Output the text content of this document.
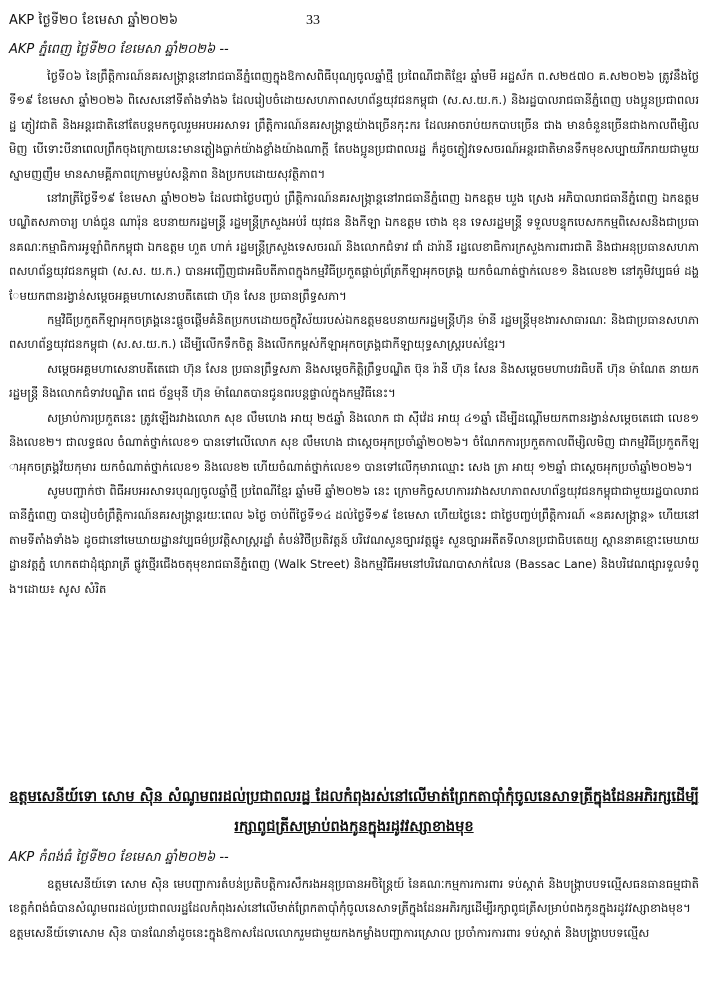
AKP ថ្ងៃទី២០ ខែមេសា ឆ្នាំ២០២៦	33
AKP ភ្នំពេញ ថ្ងៃទី២០ ខែមេសា ឆ្នាំ២០២៦ --

ថ្ងៃទី០៦ នៃព្រឹត្តិការណ៍នគរសង្ក្រាន្តនៅរាជធានីភ្នំពេញក្នុងឱកាសពិធីបុណ្យចូលឆ្នាំថ្មី ប្រពៃណីជាតិខ្មែរ ឆ្នាំមមី អដ្ឋស័ក ព.ស២៥៧០ គ.ស២០២៦ ត្រូវនឹងថ្ងៃទី១៩ ខែមេសា ឆ្នាំ២០២៦ ពិសេសនៅទីតាំងទាំង៦ ដែលរៀបចំដោយសហភាពសហព័ន្ធយុវជនកម្ពុជា (ស.ស.យ.ក.) និងរដ្ឋបាលរាជធានីភ្នំពេញ បងប្អូនប្រជាពលរដ្ឋ ភ្ញៀវជាតិ និងអន្តរជាតិនៅតែបន្តមកចូលរួមអបអរសាទរ ព្រឹត្តិការណ៍នគរសង្ក្រាន្តយ៉ាងច្រើនកុះករ ដែលអាចរាប់យកបាបច្រើន ជាង មានចំនួនច្រើនជាងកាលពីម្សិលមិញ បើទោះបីនាពេលព្រឹកចុងក្រោយនេះមានភ្លៀងធ្លាក់យ៉ាងខ្លាំងយ៉ាងណាក្តី តែបងប្អូនប្រជាពលរដ្ឋ ក៏ដូចភ្ញៀវទេសចរណ៍អន្តរជាតិមានទឹកមុខសប្បាយរីករាយជាមួយស្នាមញញឹម មានសាមគ្គីភាពក្រោមម្លប់សន្តិភាព និងប្រកបដោយសុវត្ថិភាព។

នៅរាត្រីថ្ងៃទី១៩ ខែមេសា ឆ្នាំ២០២៦ ដែលជាថ្ងៃបញ្ចប់ ព្រឹត្តិការណ៍នគរសង្ក្រាន្តនៅរាជធានីភ្នំពេញ ឯកឧត្តម ឃួង ស្រេង អភិបាលរាជធានីភ្នំពេញ ឯកឧត្តមបណ្ឌិតសភាចារ្យ ហង់ជួន ណារ៉ុន ឧបនាយករដ្ឋមន្ត្រី រដ្ឋមន្ត្រីក្រសួងអប់រំ យុវជន និងកីឡា ឯកឧត្តម ថោង ខុន ទេសរដ្ឋមន្ត្រី ទទួលបន្ទុកបេសកកម្មពិសេសនិងជាប្រធានគណៈកម្មាធិការអូឡាំពិកកម្ពុជា ឯកឧត្តម ហួត ហាក់ រដ្ឋមន្ត្រីក្រសួងទេសចរណ៍ និងលោកជំទាវ ជាំ ដារ៉ានី រដ្ឋលេខាធិការក្រសួងការពារជាតិ និងជាអនុប្រធានសហភាពសហព័ន្ធយុវជនកម្ពុជា (ស.ស. យ.ក.) បានអញ្ជើញជាអធិបតីភាពក្នុងកម្មវិធីប្រកួតផ្តាច់ព្រ័ត្រកីឡាអុកចត្រង្គ យកចំណាត់ថ្នាក់លេខ១ និងលេខ២ នៅភូមិវប្បធម៌ ដង្ហែមយកពានរង្វាន់សម្តេចអគ្គមហាសេនាបតីតេជោ ហ៊ុន សែន ប្រធានព្រឹទ្ធសភា។

កម្មវិធីប្រកួតកីឡាអុកចត្រង្គនេះផ្តួចផ្តើមគំនិតប្រកបដោយចក្ខុវិស័យរបស់ឯកឧត្តមឧបនាយករដ្ឋមន្ត្រីហ៊ុន ម៉ានី រដ្ឋមន្ត្រីមុខងារសាធារណៈ និងជាប្រធានសហភាពសហព័ន្ធយុវជនកម្ពុជា (ស.ស.យ.ក.) ដើម្បីលើកទឹកចិត្ត និងលើកកម្ពស់កីឡាអុកចត្រង្គជាកីឡាយុទ្ធសាស្ត្ររបស់ខ្មែរ។

សម្តេចអគ្គមហាសេនាបតីតេជោ ហ៊ុន សែន ប្រធានព្រឹទ្ធសភា និងសម្តេចកិត្តិព្រឹទ្ធបណ្ឌិត ប៊ុន រ៉ានី ហ៊ុន សែន និងសម្តេចមហាបវរធិបតី ហ៊ុន ម៉ាណែត នាយករដ្ឋមន្ត្រី និងលោកជំទាវបណ្ឌិត ពេជ ច័ន្ទមុនី ហ៊ុន ម៉ាណែតបានជូនពរបន្តផ្ទាល់ក្នុងកម្មវិធីនេះ។

សម្រាប់ការប្រកួតនេះ ត្រូវឡើងរវាងលោក សុខ លឹមហេង អាយុ ២៥ឆ្នាំ និងលោក ជា ស៊ីវ៉េដ អាយុ ៤១ឆ្នាំ ដើម្បីដណ្តើមយកពានរង្វាន់សម្តេចតេជោ លេខ១ និងលេខ២។ ជាលទ្ធផល ចំណាត់ថ្នាក់លេខ១ បានទៅលើលោក សុខ លឹមហេង ជាស្តេចអុកប្រចាំឆ្នាំ២០២៦។ ចំណែកការប្រកួតកាលពីម្សិលមិញ ជាកម្មវិធីប្រកួតកីឡាអុកចត្រង្គវ័យកុមារ យកចំណាត់ថ្នាក់លេខ១ និងលេខ២ ហើយចំណាត់ថ្នាក់លេខ១ បានទៅលើកុមារាឈ្មោះ សេង ត្រា អាយុ ១២ឆ្នាំ ជាស្តេចអុកប្រចាំឆ្នាំ២០២៦។

សូមបញ្ជាក់ថា ពិធីអបអរសាទរបុណ្យចូលឆ្នាំថ្មី ប្រពៃណីខ្មែរ ឆ្នាំមមី ឆ្នាំ២០២៦ នេះ ក្រោមកិច្ចសហការរវាងសហភាពសហព័ន្ធយុវជនកម្ពុជាជាមួយរដ្ឋបាលរាជធានីភ្នំពេញ បានរៀបចំព្រឹត្តិការណ៍នគរសង្ក្រាន្តរយៈពេល ៦ថ្ងៃ ចាប់ពីថ្ងៃទី១៤ ដល់ថ្ងៃទី១៩ ខែមេសា ហើយថ្ងៃនេះ ជាថ្ងៃបញ្ចប់ព្រឹត្តិការណ៍ «នគរសង្ក្រាន្ត» ហើយនៅតាមទីតាំងទាំង៦ ដូចជានៅមេឃាយដ្ឋានវប្បធម៌ប្រវត្តិសាស្ត្ររដ្ឋាំ តំបន់វិថីប្រតិវត្តន៍ បរិវេណសួនច្បារវត្តផ្នូ៖ សួនច្បារអតីតទីលានប្រជាធិបតេយ្យ ស្ពាននាគខ្មោះមេឃាយដ្ឋានវត្តភ្នំ ហេកតជាដុំផ្សារាត្រី ផ្លូវថ្មើរជើងចតុមុខរាជធានីភ្នំពេញ (Walk Street) និងកម្មវិធីអមនៅបរិវេណបាសាក់លែន (Bassac Lane) និងបរិវេណផ្សារទួលទំពូង។ដោយ៖ សូស សំរិត

ឧត្តមសេនីយ៍ទោ សោម ស៊ិន សំណូមពរដល់ប្រជាពលរដ្ឋ ដែលកំពុងរស់នៅលើមាត់ព្រែកតាប៉ាំកុំចូលនេសាទត្រីក្នុងដែនអភិរក្សដើម្បីរក្សាពូជត្រីសម្រាប់ពងកូនក្នុងរដូវវស្សាខាងមុខ
AKP កំពង់ធំ ថ្ងៃទី២០ ខែមេសា ឆ្នាំ២០២៦ --

ឧត្តមសេនីយ៍ទោ សោម ស៊ិន មេបញ្ជាការតំបន់ប្រតិបត្តិការសឹករងអនុប្រធានអចិន្ត្រៃយ៍ នៃគណៈកម្មការការពារ ទប់ស្កាត់ និងបង្ក្រាបបទល្មើសធនធានធម្មជាតិខេត្តកំពង់ធំបានសំណូមពរដល់ប្រជាពលរដ្ឋដែលកំពុងរស់នៅលើមាត់ព្រែកតាប៉ាំកុំចូលនេសាទត្រីក្នុងដែនអភិរក្សដើម្បីរក្សាពូជត្រីសម្រាប់ពងកូនក្នុងរដូវវស្សាខាងមុខ។ ឧត្តមសេនីយ៍ទោសោម ស៊ិន បានណែនាំដូចនេះក្នុងឱកាសដែលលោករួមជាមួយកងកម្លាំងបញ្ជាការស្រោល ប្រចាំការការពារ ទប់ស្កាត់ និងបង្ក្រាបបទល្មើស
